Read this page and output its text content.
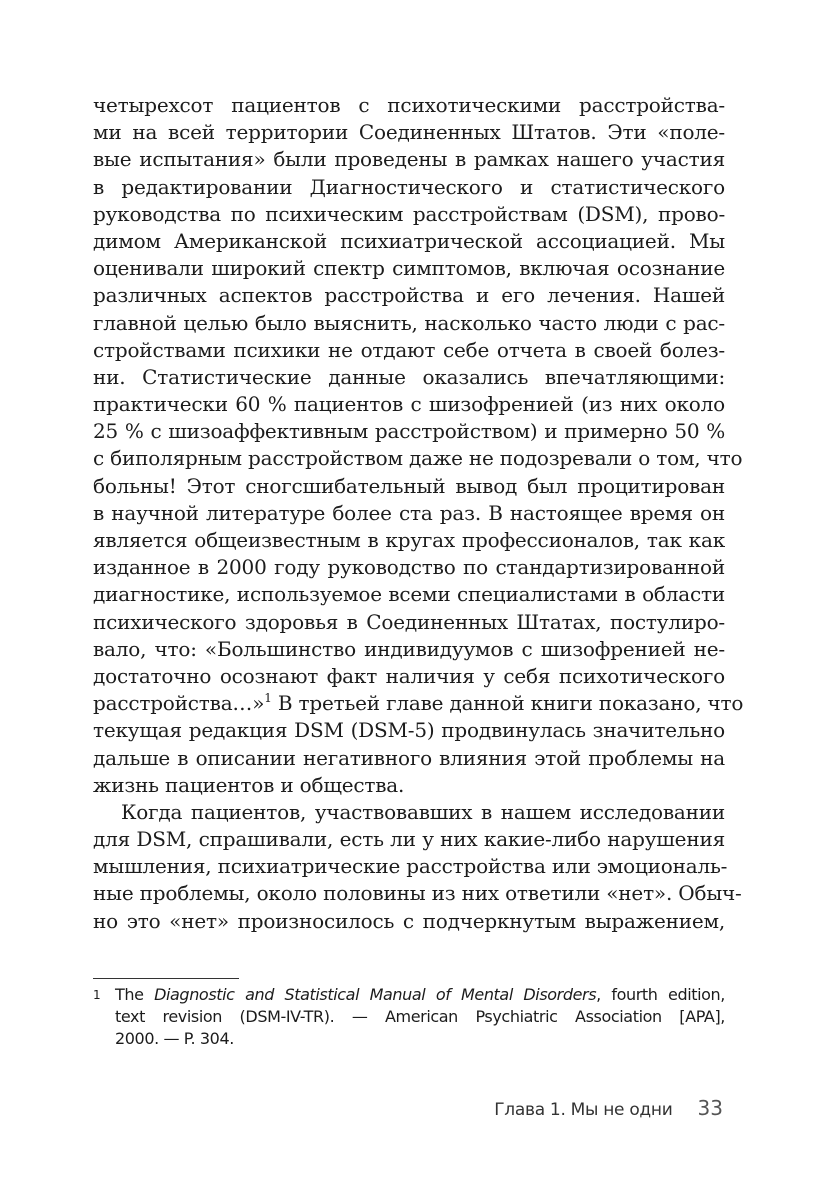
четырехсот пациентов с психотическими расстройства-
ми на всей территории Соединенных Штатов. Эти «поле-
вые испытания» были проведены в рамках нашего участия
в редактировании Диагностического и статистического
руководства по психическим расстройствам (DSM), прово-
димом Американской психиатрической ассоциацией. Мы
оценивали широкий спектр симптомов, включая осознание
различных аспектов расстройства и его лечения. Нашей
главной целью было выяснить, насколько часто люди с рас-
стройствами психики не отдают себе отчета в своей болез-
ни. Статистические данные оказались впечатляющими:
практически 60 % пациентов с шизофренией (из них около
25 % с шизоаффективным расстройством) и примерно 50 %
с биполярным расстройством даже не подозревали о том, что
больны! Этот сногсшибательный вывод был процитирован
в научной литературе более ста раз. В настоящее время он
является общеизвестным в кругах профессионалов, так как
изданное в 2000 году руководство по стандартизированной
диагностике, используемое всеми специалистами в области
психического здоровья в Соединенных Штатах, постулиро-
вало, что: «Большинство индивидуумов с шизофренией не-
достаточно осознают факт наличия у себя психотического
расстройства…»$^1$ В третьей главе данной книги показано, что
текущая редакция DSM (DSM-5) продвинулась значительно
дальше в описании негативного влияния этой проблемы на
жизнь пациентов и общества.
Когда пациентов, участвовавших в нашем исследовании
для DSM, спрашивали, есть ли у них какие-либо нарушения
мышления, психиатрические расстройства или эмоциональ-
ные проблемы, около половины из них ответили «нет». Обыч-
но это «нет» произносилось с подчеркнутым выражением,
1 The Diagnostic and Statistical Manual of Mental Disorders, fourth edition,
text revision (DSM-IV-TR). — American Psychiatric Association [APA],
2000. — P. 304.
Глава 1. Мы не одни 33
